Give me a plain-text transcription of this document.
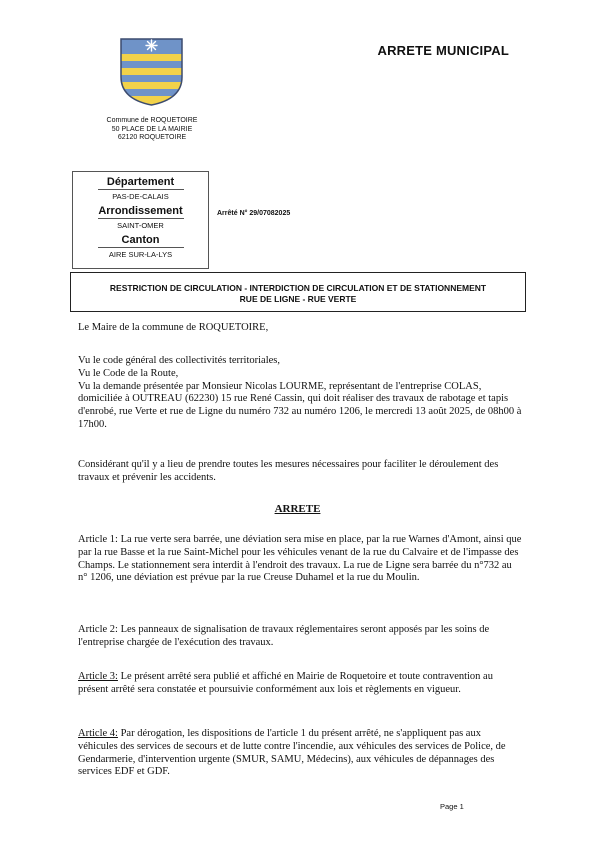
Commune de ROQUETOIRE
50 PLACE DE LA MAIRIE
62120 ROQUETOIRE
ARRETE MUNICIPAL
Département
PAS-DE-CALAIS
Arrondissement
SAINT-OMER
Canton
AIRE SUR-LA-LYS
Arrêté N° 29/07082025
RESTRICTION DE CIRCULATION - INTERDICTION DE CIRCULATION ET DE STATIONNEMENT
RUE DE LIGNE - RUE VERTE
Le Maire de la commune de ROQUETOIRE,
Vu le code général des collectivités territoriales,
Vu le Code de la Route,
Vu la demande présentée par Monsieur Nicolas LOURME, représentant de l'entreprise COLAS, domiciliée à OUTREAU (62230) 15 rue René Cassin, qui doit réaliser des travaux de rabotage et tapis d'enrobé, rue Verte et rue de Ligne du numéro 732 au numéro 1206, le mercredi 13 août 2025, de 08h00 à 17h00.
Considérant qu'il y a lieu de prendre toutes les mesures nécessaires pour faciliter le déroulement des travaux et prévenir les accidents.
ARRETE
Article 1: La rue verte sera barrée, une déviation sera mise en place, par la rue Warnes d'Amont, ainsi que par la rue Basse et la rue Saint-Michel pour les véhicules venant de la rue du Calvaire et de l'impasse des Champs. Le stationnement sera interdit à l'endroit des travaux. La rue de Ligne sera barrée du n°732 au n° 1206, une déviation est prévue par la rue Creuse Duhamel et la rue du Moulin.
Article 2: Les panneaux de signalisation de travaux réglementaires seront apposés par les soins de l'entreprise chargée de l'exécution des travaux.
Article 3: Le présent arrêté sera publié et affiché en Mairie de Roquetoire et toute contravention au présent arrêté sera constatée et poursuivie conformément aux lois et règlements en vigueur.
Article 4: Par dérogation, les dispositions de l'article 1 du présent arrêté, ne s'appliquent pas aux véhicules des services de secours et de lutte contre l'incendie, aux véhicules des services de Police, de Gendarmerie, d'intervention urgente (SMUR, SAMU, Médecins), aux véhicules de dépannages des services EDF et GDF.
Page 1
